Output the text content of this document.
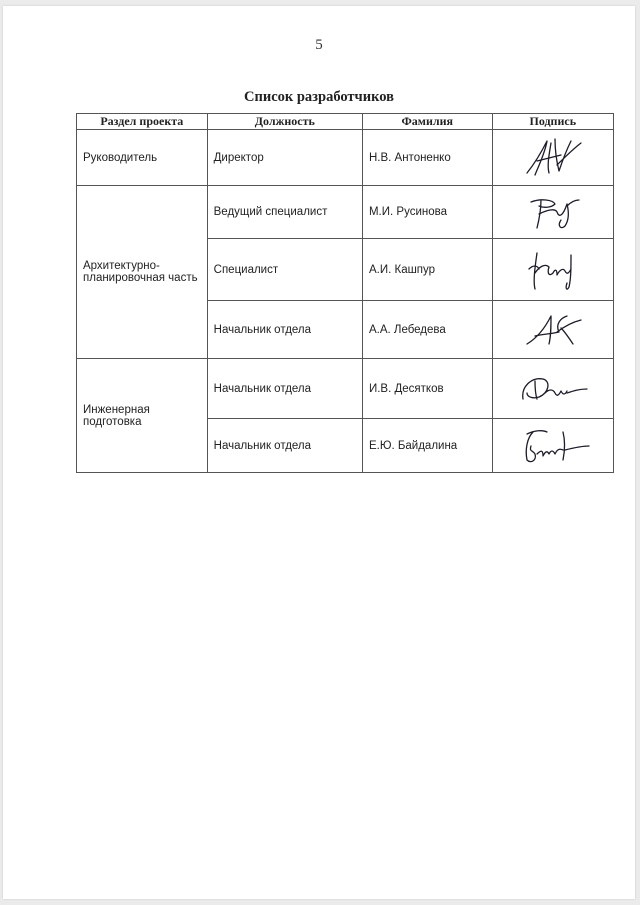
5
Список разработчиков
Раздел проекта	Должность	Фамилия	Подпись
Руководитель	Директор	Н.В. Антоненко	

Архитектурно-планировочная часть	Ведущий специалист	М.И. Русинова	

	Специалист	А.И. Кашпур	

	Начальник отдела	А.А. Лебедева	

Инженерная подготовка	Начальник отдела	И.В. Десятков	

	Начальник отдела	Е.Ю. Байдалина	
